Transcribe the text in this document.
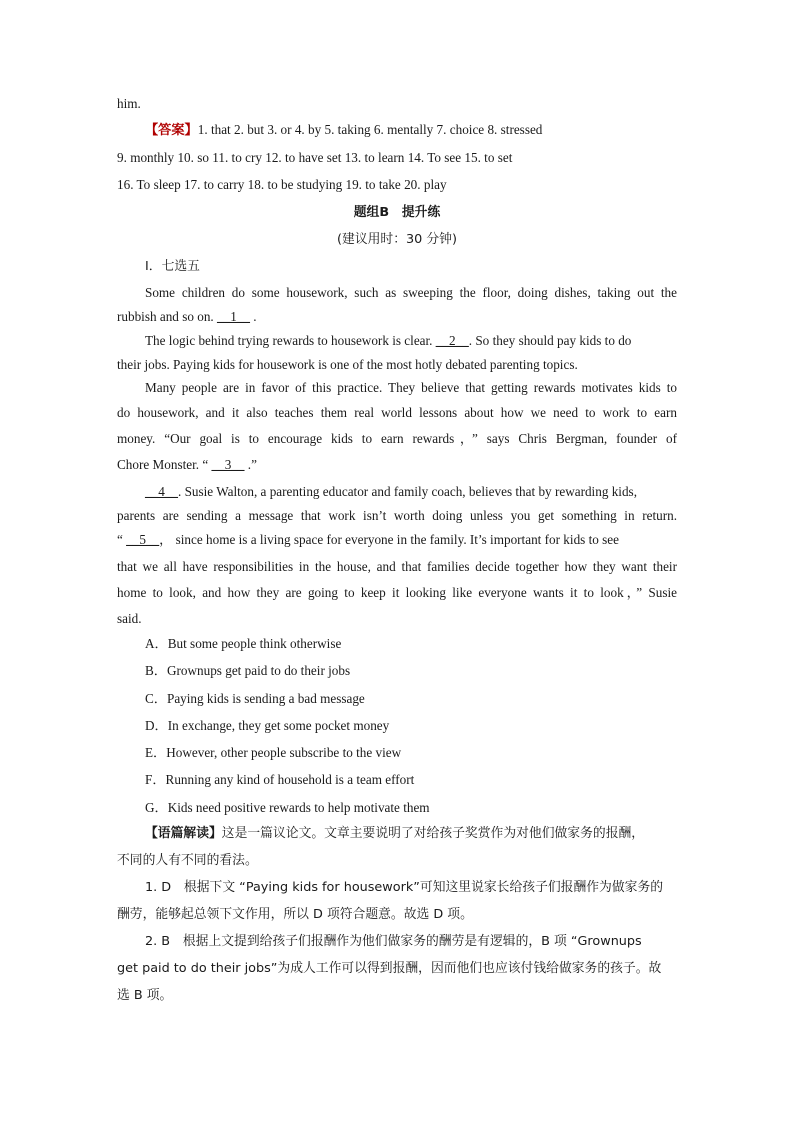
him.
【答案】1. that 2. but 3. or 4. by 5. taking 6. mentally 7. choice 8. stressed
9. monthly 10. so 11. to cry 12. to have set 13. to learn 14. To see 15. to set
16. To sleep 17. to carry 18. to be studying 19. to take 20. play
题组B　提升练
(建议用时：30 分钟)
Ⅰ．七选五
Some children do some housework, such as sweeping the floor, doing dishes, taking out the
rubbish and so on. __1__ .
The logic behind trying rewards to housework is clear. __2__. So they should pay kids to do
their jobs. Paying kids for housework is one of the most hotly debated parenting topics.
Many people are in favor of this practice. They believe that getting rewards motivates kids to
do housework, and it also teaches them real world lessons about how we need to work to earn
money. “Our goal is to encourage kids to earn rewards，” says Chris Bergman, founder of
Chore Monster. “ __3__ .”
__4__. Susie Walton, a parenting educator and family coach, believes that by rewarding kids,
parents are sending a message that work isn’t worth doing unless you get something in return.
“ __5__， since home is a living space for everyone in the family. It’s important for kids to see
that we all have responsibilities in the house, and that families decide together how they want their
home to look, and how they are going to keep it looking like everyone wants it to look，” Susie
said.
A．But some people think otherwise
B．Grownups get paid to do their jobs
C．Paying kids is sending a bad message
D．In exchange, they get some pocket money
E．However, other people subscribe to the view
F．Running any kind of household is a team effort
G．Kids need positive rewards to help motivate them
【语篇解读】这是一篇议论文。文章主要说明了对给孩子奖赏作为对他们做家务的报酬，
不同的人有不同的看法。
1. D　根据下文 “Paying kids for housework”可知这里说家长给孩子们报酬作为做家务的
酬劳，能够起总领下文作用，所以 D 项符合题意。故选 D 项。
2. B　根据上文提到给孩子们报酬作为他们做家务的酬劳是有逻辑的，B 项 “Grownups
get paid to do their jobs”为成人工作可以得到报酬，因而他们也应该付钱给做家务的孩子。故
选 B 项。
